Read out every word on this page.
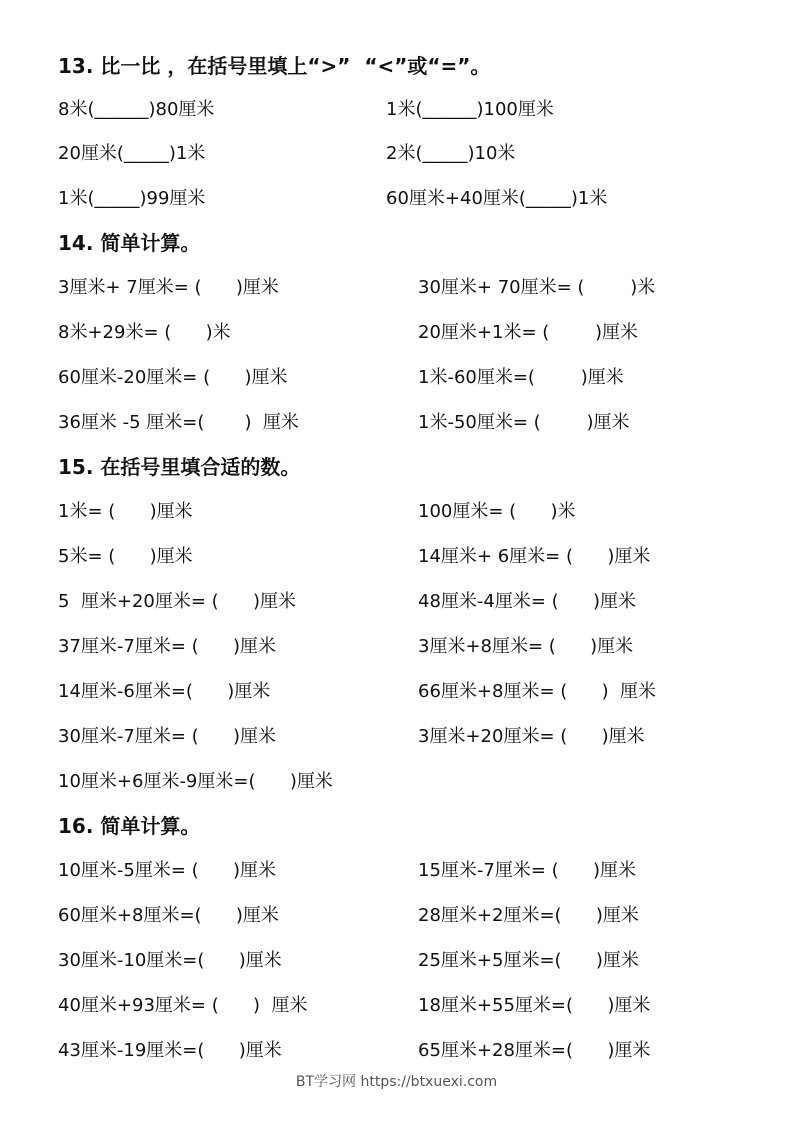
13. 比一比 ，在括号里填上“>”  “<”或“=”。
8米(______)80厘米	1米(______)100厘米
20厘米(_____)1米	2米(_____)10米
1米(_____)99厘米	60厘米+40厘米(_____)1米
14. 简单计算。
3厘米+ 7厘米= (      )厘米	30厘米+ 70厘米= (        )米
8米+29米= (      )米	20厘米+1米= (        )厘米
60厘米-20厘米= (      )厘米	1米-60厘米=(        )厘米
36厘米 -5 厘米=(       )  厘米	1米-50厘米= (        )厘米
15. 在括号里填合适的数。
1米= (      )厘米	100厘米= (      )米
5米= (      )厘米	14厘米+ 6厘米= (      )厘米
5  厘米+20厘米= (      )厘米	48厘米-4厘米= (      )厘米
37厘米-7厘米= (      )厘米	3厘米+8厘米= (      )厘米
14厘米-6厘米=(      )厘米	66厘米+8厘米= (      )  厘米
30厘米-7厘米= (      )厘米	3厘米+20厘米= (      )厘米
10厘米+6厘米-9厘米=(      )厘米
16. 简单计算。
10厘米-5厘米= (      )厘米	15厘米-7厘米= (      )厘米
60厘米+8厘米=(      )厘米	28厘米+2厘米=(      )厘米
30厘米-10厘米=(      )厘米	25厘米+5厘米=(      )厘米
40厘米+93厘米= (      )  厘米	18厘米+55厘米=(      )厘米
43厘米-19厘米=(      )厘米	65厘米+28厘米=(      )厘米
BT学习网 https://btxuexi.com
